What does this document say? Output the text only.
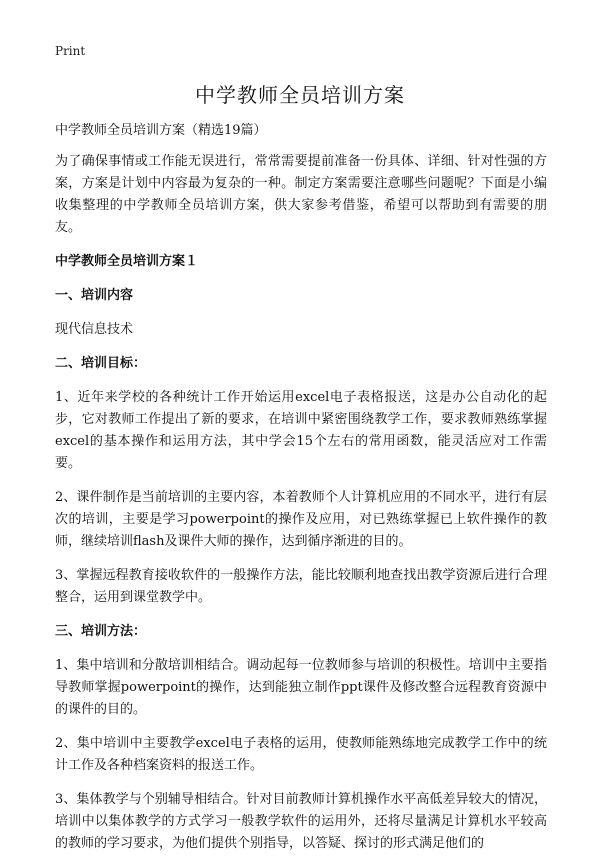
Print
中学教师全员培训方案

中学教师全员培训方案（精选19篇）

为了确保事情或工作能无误进行，常常需要提前准备一份具体、详细、针对性强的方案，方案是计划中内容最为复杂的一种。制定方案需要注意哪些问题呢？下面是小编收集整理的中学教师全员培训方案，供大家参考借鉴，希望可以帮助到有需要的朋友。

中学教师全员培训方案１

一、培训内容

现代信息技术

二、培训目标：

1、近年来学校的各种统计工作开始运用excel电子表格报送，这是办公自动化的起步，它对教师工作提出了新的要求，在培训中紧密围绕教学工作，要求教师熟练掌握excel的基本操作和运用方法，其中学会15个左右的常用函数，能灵活应对工作需要。

2、课件制作是当前培训的主要内容，本着教师个人计算机应用的不同水平，进行有层次的培训，主要是学习powerpoint的操作及应用，对已熟练掌握已上软件操作的教师，继续培训flash及课件大师的操作，达到循序渐进的目的。

3、掌握远程教育接收软件的一般操作方法，能比较顺利地查找出教学资源后进行合理整合，运用到课堂教学中。

三、培训方法：

1、集中培训和分散培训相结合。调动起每一位教师参与培训的积极性。培训中主要指导教师掌握powerpoint的操作，达到能独立制作ppt课件及修改整合远程教育资源中的课件的目的。

2、集中培训中主要教学excel电子表格的运用，使教师能熟练地完成教学工作中的统计工作及各种档案资料的报送工作。

3、集体教学与个别辅导相结合。针对目前教师计算机操作水平高低差异较大的情况，培训中以集体教学的方式学习一般教学软件的运用外，还将尽量满足计算机水平较高的教师的学习要求，为他们提供个别指导，以答疑、探讨的形式满足他们的
